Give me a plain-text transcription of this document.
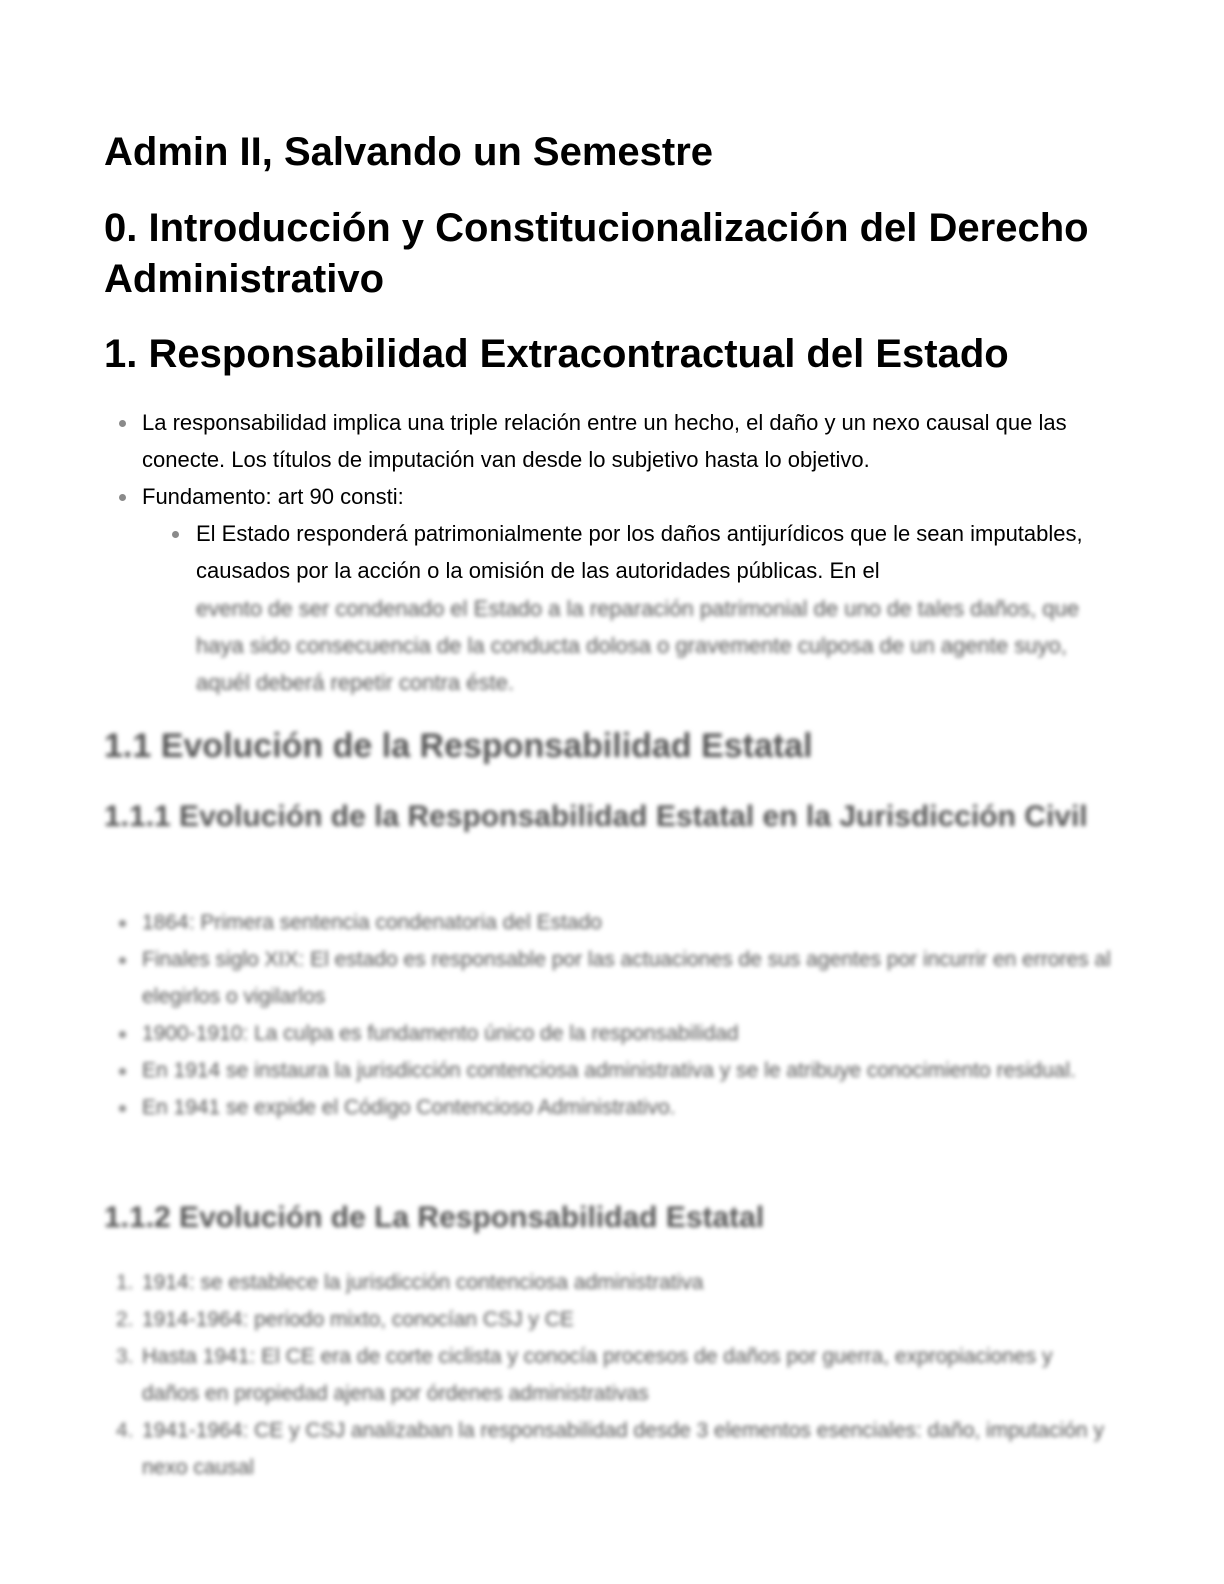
Admin II, Salvando un Semestre
0. Introducción y Constitucionalización del Derecho Administrativo
1. Responsabilidad Extracontractual del Estado
La responsabilidad implica una triple relación entre un hecho, el daño y un nexo causal que las conecte. Los títulos de imputación van desde lo subjetivo hasta lo objetivo.
Fundamento: art 90 consti:
El Estado responderá patrimonialmente por los daños antijurídicos que le sean imputables, causados por la acción o la omisión de las autoridades públicas. En el
evento de ser condenado el Estado a la reparación patrimonial de uno de tales daños, que haya sido consecuencia de la conducta dolosa o gravemente culposa de un agente suyo, aquél deberá repetir contra éste.
1.1 Evolución de la Responsabilidad Estatal
1.1.1 Evolución de la Responsabilidad Estatal en la Jurisdicción Civil
1864: Primera sentencia condenatoria del Estado
Finales siglo XIX: El estado es responsable por las actuaciones de sus agentes por incurrir en errores al elegirlos o vigilarlos
1900-1910: La culpa es fundamento único de la responsabilidad
En 1914 se instaura la jurisdicción contenciosa administrativa y se le atribuye conocimiento residual.
En 1941 se expide el Código Contencioso Administrativo.
1.1.2 Evolución de La Responsabilidad Estatal
1. 1914: se establece la jurisdicción contenciosa administrativa
2. 1914-1964: periodo mixto, conocían CSJ y CE
3. Hasta 1941: El CE era de corte ciclista y conocía procesos de daños por guerra, expropiaciones y daños en propiedad ajena por órdenes administrativas
4. 1941-1964: CE y CSJ analizaban la responsabilidad desde 3 elementos esenciales: daño, imputación y nexo causal
